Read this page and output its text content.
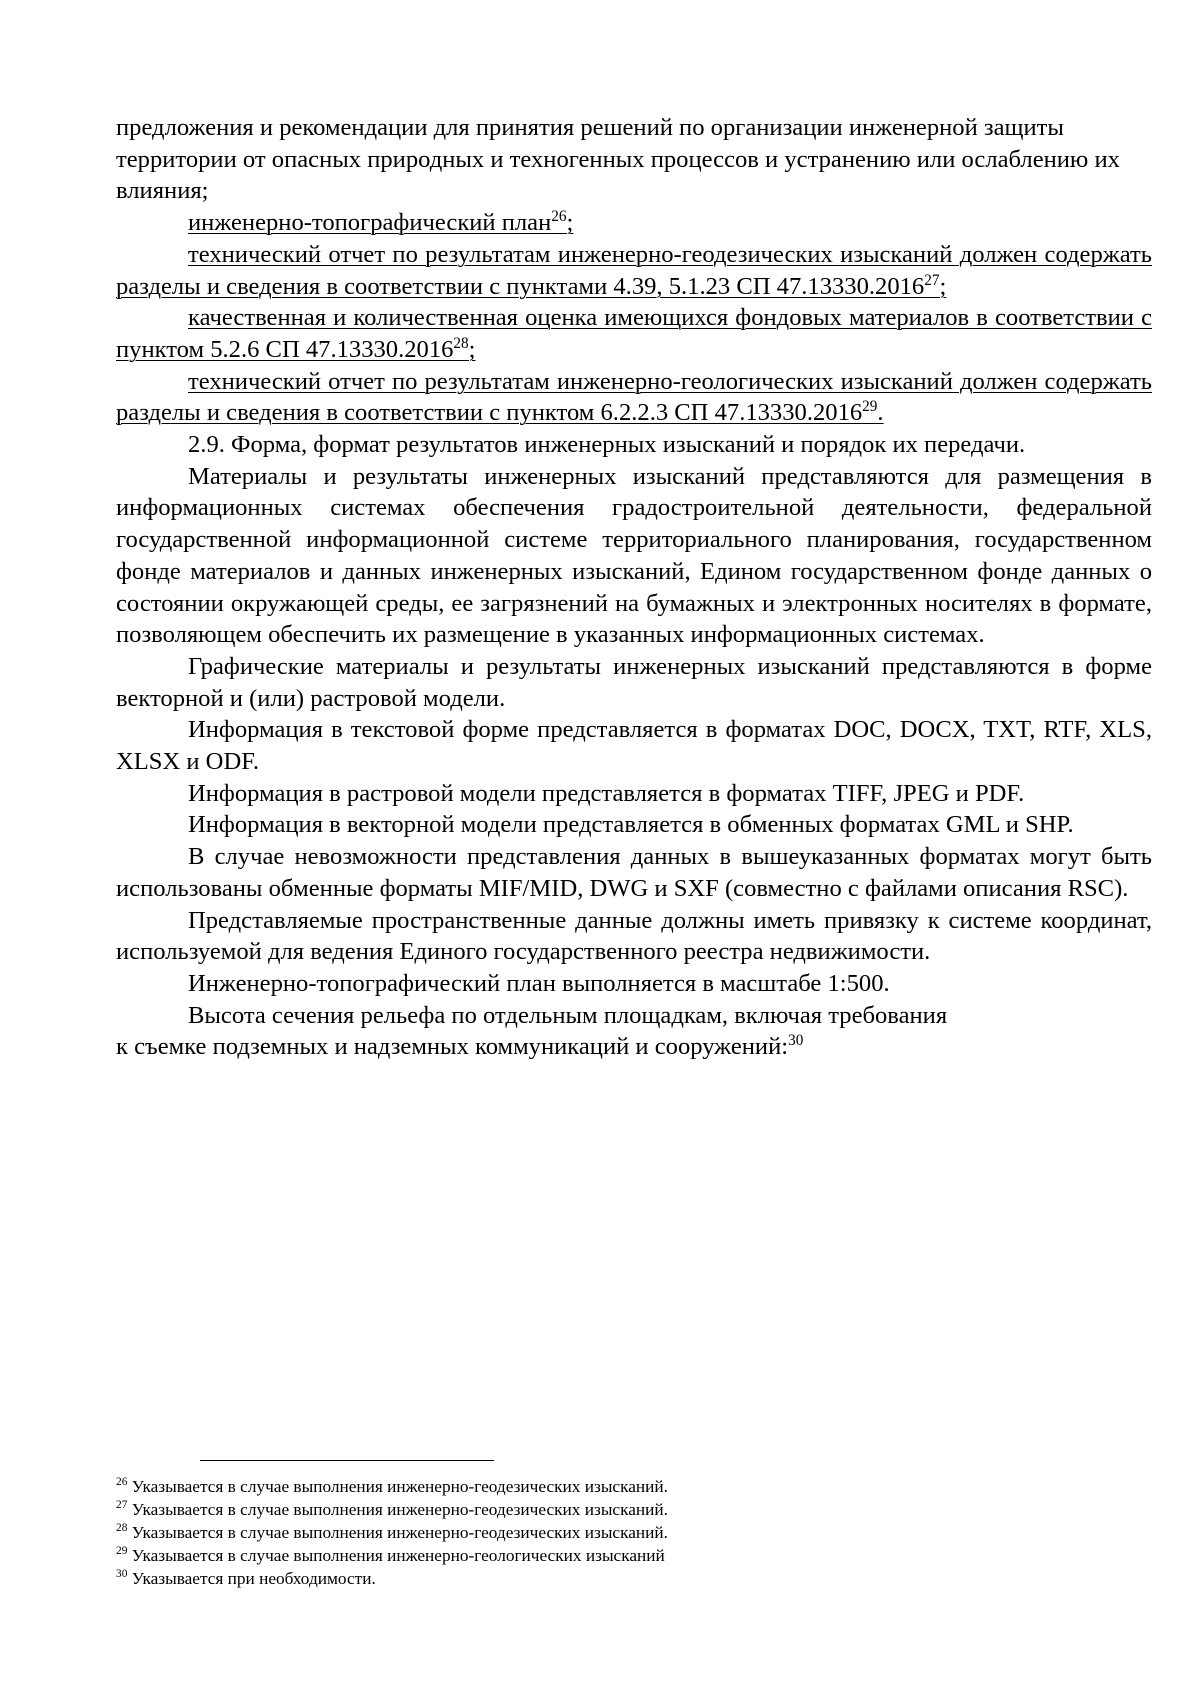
предложения и рекомендации для принятия решений по организации инженерной защиты территории от опасных природных и техногенных процессов и устранению или ослаблению их влияния;

инженерно-топографический план$^{26}$;

технический отчет по результатам инженерно-геодезических изысканий должен содержать разделы и сведения в соответствии с пунктами 4.39, 5.1.23 СП 47.13330.2016$^{27}$;

качественная и количественная оценка имеющихся фондовых материалов в соответствии с пунктом 5.2.6 СП 47.13330.2016$^{28}$;

технический отчет по результатам инженерно-геологических изысканий должен содержать разделы и сведения в соответствии с пунктом 6.2.2.3 СП 47.13330.2016$^{29}$.

2.9. Форма, формат результатов инженерных изысканий и порядок их передачи.

Материалы и результаты инженерных изысканий представляются для размещения в информационных системах обеспечения градостроительной деятельности, федеральной государственной информационной системе территориального планирования, государственном фонде материалов и данных инженерных изысканий, Едином государственном фонде данных о состоянии окружающей среды, ее загрязнений на бумажных и электронных носителях в формате, позволяющем обеспечить их размещение в указанных информационных системах.

Графические материалы и результаты инженерных изысканий представляются в форме векторной и (или) растровой модели.

Информация в текстовой форме представляется в форматах DOC, DOCX, TXT, RTF, XLS, XLSX и ODF.

Информация в растровой модели представляется в форматах TIFF, JPEG и PDF.

Информация в векторной модели представляется в обменных форматах GML и SHP.

В случае невозможности представления данных в вышеуказанных форматах могут быть использованы обменные форматы MIF/MID, DWG и SXF (совместно с файлами описания RSC).

Представляемые пространственные данные должны иметь привязку к системе координат, используемой для ведения Единого государственного реестра недвижимости.

Инженерно-топографический план выполняется в масштабе 1:500.

Высота сечения рельефа по отдельным площадкам, включая требования

к съемке подземных и надземных коммуникаций и сооружений:$^{30}$

$^{26}$ Указывается в случае выполнения инженерно-геодезических изысканий.

$^{27}$ Указывается в случае выполнения инженерно-геодезических изысканий.

$^{28}$ Указывается в случае выполнения инженерно-геодезических изысканий.

$^{29}$ Указывается в случае выполнения инженерно-геологических изысканий

$^{30}$ Указывается при необходимости.
